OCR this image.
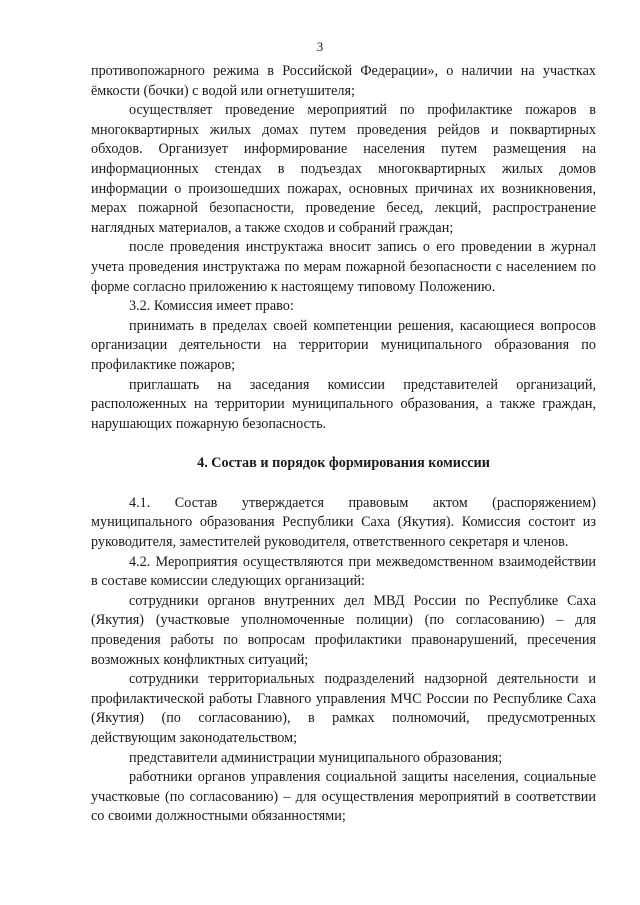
3

противопожарного режима в Российской Федерации», о наличии на участках ёмкости (бочки) с водой или огнетушителя;

осуществляет проведение мероприятий по профилактике пожаров в многоквартирных жилых домах путем проведения рейдов и поквартирных обходов. Организует информирование населения путем размещения на информационных стендах в подъездах многоквартирных жилых домов информации о произошедших пожарах, основных причинах их возникновения, мерах пожарной безопасности, проведение бесед, лекций, распространение наглядных материалов, а также сходов и собраний граждан;

после проведения инструктажа вносит запись о его проведении в журнал учета проведения инструктажа по мерам пожарной безопасности с населением по форме согласно приложению к настоящему типовому Положению.

3.2. Комиссия имеет право:

принимать в пределах своей компетенции решения, касающиеся вопросов организации деятельности на территории муниципального образования по профилактике пожаров;

приглашать на заседания комиссии представителей организаций, расположенных на территории муниципального образования, а также граждан, нарушающих пожарную безопасность.

4. Состав и порядок формирования комиссии

4.1. Состав утверждается правовым актом (распоряжением) муниципального образования Республики Саха (Якутия). Комиссия состоит из руководителя, заместителей руководителя, ответственного секретаря и членов.

4.2. Мероприятия осуществляются при межведомственном взаимодействии в составе комиссии следующих организаций:

сотрудники органов внутренних дел МВД России по Республике Саха (Якутия) (участковые уполномоченные полиции) (по согласованию) – для проведения работы по вопросам профилактики правонарушений, пресечения возможных конфликтных ситуаций;

сотрудники территориальных подразделений надзорной деятельности и профилактической работы Главного управления МЧС России по Республике Саха (Якутия) (по согласованию), в рамках полномочий, предусмотренных действующим законодательством;

представители администрации муниципального образования;

работники органов управления социальной защиты населения, социальные участковые (по согласованию) – для осуществления мероприятий в соответствии со своими должностными обязанностями;
